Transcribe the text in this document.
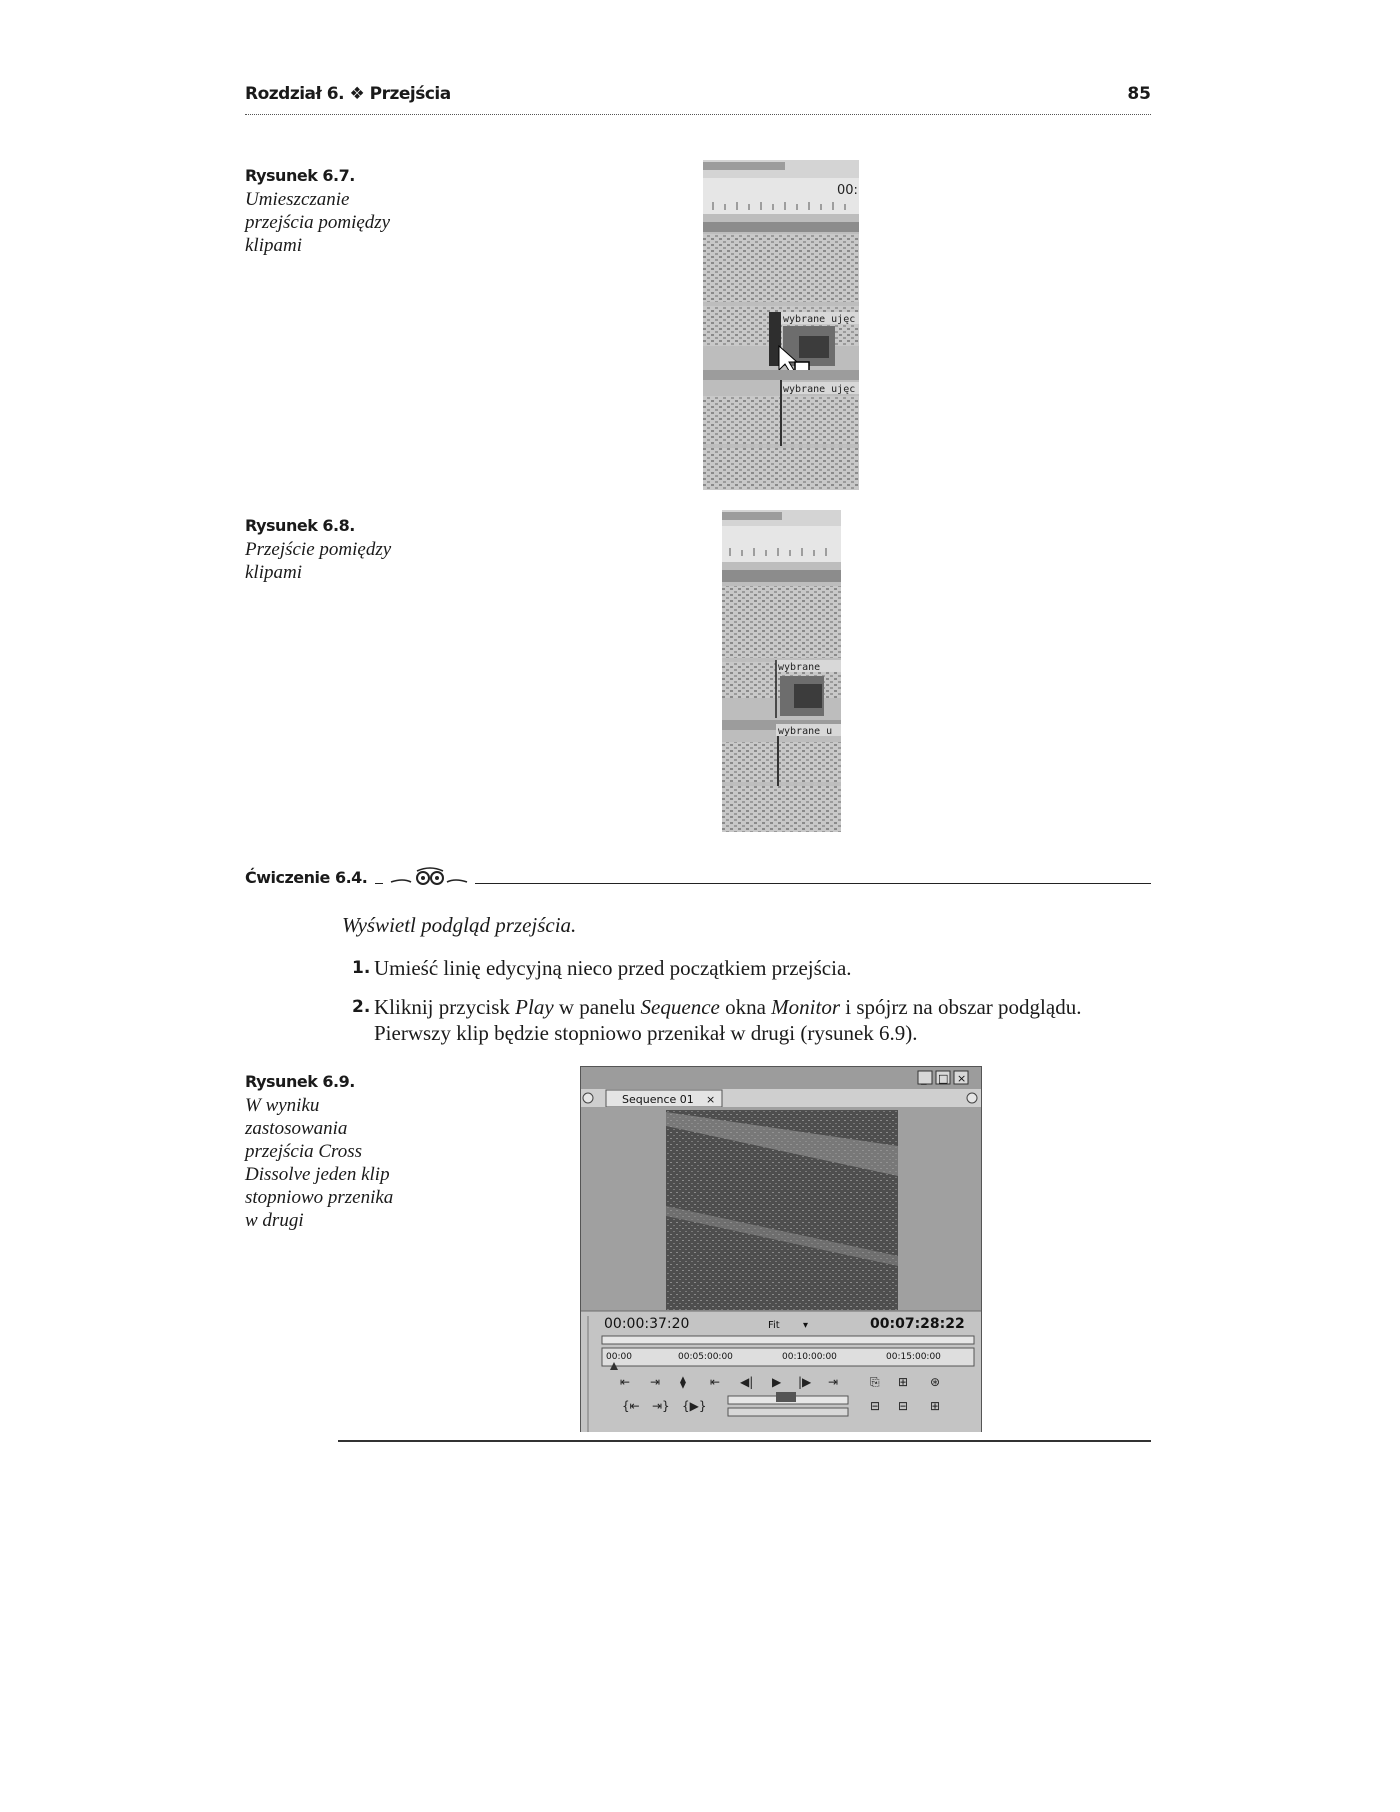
Rozdział 6. ❖ Przejścia	85
Rysunek 6.7.
Umieszczanie przejścia pomiędzy klipami
00:
wybrane ujęc
wybrane ujęc
Rysunek 6.8.
Przejście pomiędzy klipami
wybrane
wybrane u
Ćwiczenie 6.4.
Wyświetl podgląd przejścia.
1. Umieść linię edycyjną nieco przed początkiem przejścia.
2. Kliknij przycisk Play w panelu Sequence okna Monitor i spójrz na obszar podglądu. Pierwszy klip będzie stopniowo przenikał w drugi (rysunek 6.9).
Rysunek 6.9.
W wyniku zastosowania przejścia Cross Dissolve jeden klip stopniowo przenika w drugi
_ □ ×
Sequence 01 ×
00:00:37:20	Fit ▾	00:07:28:22
00:00	00:05:00:00	00:10:00:00	00:15:00:00
⇤ ⇥ ⧫ ⇤ ◀| ▶ |▶ ⇥	⎘ ⊞ ⊛
{⇤ ⇥} {▶}	⊟ ⊟ ⊞
